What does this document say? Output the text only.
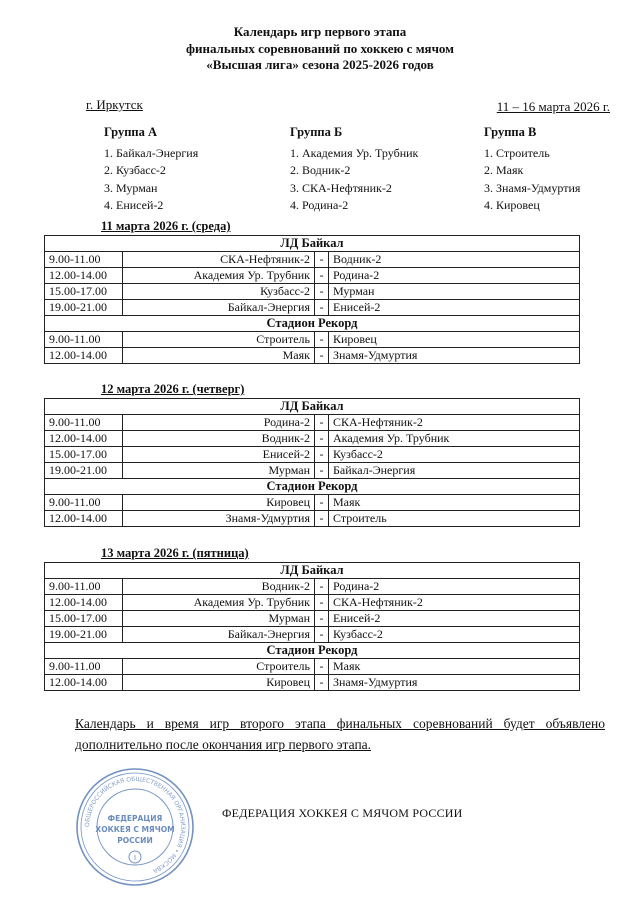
Календарь игр первого этапа
финальных соревнований по хоккею с мячом
«Высшая лига» сезона 2025-2026 годов
г. Иркутск	11 – 16 марта 2026 г.
Группа А
1. Байкал-Энергия
2. Кузбасс-2
3. Мурман
4. Енисей-2
Группа Б
1. Академия Ур. Трубник
2. Водник-2
3. СКА-Нефтяник-2
4. Родина-2
Группа В
1. Строитель
2. Маяк
3. Знамя-Удмуртия
4. Кировец
11 марта 2026 г. (среда)
ЛД Байкал			
9.00-11.00	СКА-Нефтяник-2	-	Водник-2
12.00-14.00	Академия Ур. Трубник	-	Родина-2
15.00-17.00	Кузбасс-2	-	Мурман
19.00-21.00	Байкал-Энергия	-	Енисей-2
Стадион Рекорд			
9.00-11.00	Строитель	-	Кировец
12.00-14.00	Маяк	-	Знамя-Удмуртия
12 марта 2026 г. (четверг)
ЛД Байкал			
9.00-11.00	Родина-2	-	СКА-Нефтяник-2
12.00-14.00	Водник-2	-	Академия Ур. Трубник
15.00-17.00	Енисей-2	-	Кузбасс-2
19.00-21.00	Мурман	-	Байкал-Энергия
Стадион Рекорд			
9.00-11.00	Кировец	-	Маяк
12.00-14.00	Знамя-Удмуртия	-	Строитель
13 марта 2026 г. (пятница)
ЛД Байкал			
9.00-11.00	Водник-2	-	Родина-2
12.00-14.00	Академия Ур. Трубник	-	СКА-Нефтяник-2
15.00-17.00	Мурман	-	Енисей-2
19.00-21.00	Байкал-Энергия	-	Кузбасс-2
Стадион Рекорд			
9.00-11.00	Строитель	-	Маяк
12.00-14.00	Кировец	-	Знамя-Удмуртия
Календарь и время игр второго этапа финальных соревнований будет объявлено дополнительно после окончания игр первого этапа.
ОБЩЕРОССИЙСКАЯ ОБЩЕСТВЕННАЯ ОРГАНИЗАЦИЯ • МОСКВА
ФЕДЕРАЦИЯ
ХОККЕЯ С МЯЧОМ
РОССИИ
I
ФЕДЕРАЦИЯ ХОККЕЯ С МЯЧОМ РОССИИ
